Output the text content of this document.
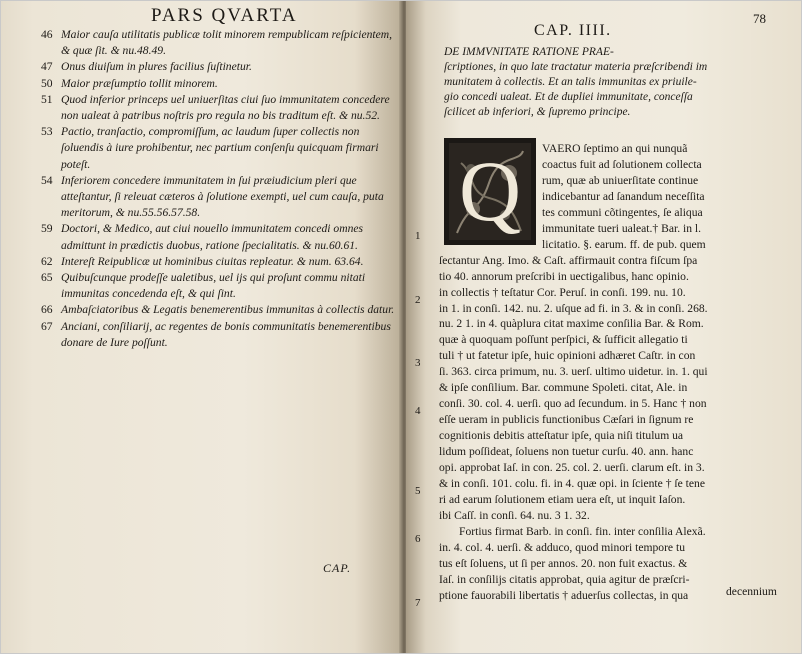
PARS QVARTA
46 Maior cauſa utilitatis publicæ tolit minorem rempublicam reſpicientem, & quæ ſit. & nu.48.49.
47 Onus diuiſum in plures facilius ſuſtinetur.
50 Maior præſumptio tollit minorem.
51 Quod inferior princeps uel uniuerſitas ciui ſuo immunitatem concedere non ualeat à patribus noſtris pro regula no bis traditum eſt. & nu.52.
53 Pactio, tranſactio, compromiſſum, ac laudum ſuper collectis non ſoluendis à iure prohibentur, nec partium conſenſu quicquam firmari poteſt.
54 Inferiorem concedere immunitatem in ſui præiudicium pleri que atteſtantur, ſi releuat cæteros à ſolutione exempti, uel cum cauſa, puta meritorum, & nu.55.56.57.58.
59 Doctori, & Medico, aut ciui nouello immunitatem concedi omnes admittunt in prædictis duobus, ratione ſpecialitatis. & nu.60.61.
62 Intereſt Reipublicæ ut hominibus ciuitas repleatur. & num. 63.64.
65 Quibuſcunque prodeſſe ualetibus, uel ijs qui proſunt commu nitati immunitas concedenda eſt, & qui ſint.
66 Ambaſciatoribus & Legatis benemerentibus immunitas à collectis datur.
67 Anciani, conſiliarij, ac regentes de bonis communitatis benemerentibus donare de Iure poſſunt.
CAP.
78
CAP. IIII.
DE IMMVNITATE RATIONE PRAE-
ſcriptiones, in quo late tractatur materia præſcribendi im
munitatem à collectis. Et an talis immunitas ex priuile-
gio concedi ualeat. Et de dupliei immunitate, conceſſa
ſcilicet ab inferiori, & ſupremo principe.
Q
1
2
3
4
5
6
7
VAERO ſeptimo an qui nunquã
coactus fuit ad ſolutionem collecta
rum, quæ ab uniuerſitate continue
indicebantur ad ſanandum neceſſita
tes communi cõtingentes, ſe aliqua
immunitate tueri ualeat.† Bar. in l.
licitatio. §. earum. ff. de pub. quem
ſectantur Ang. Imo. & Caſt. affirmauit contra fiſcum ſpa
tio 40. annorum preſcribi in uectigalibus, hanc opinio.
in collectis † teſtatur Cor. Peruſ. in conſi. 199. nu. 10.
in 1. in conſi. 142. nu. 2. uſque ad fi. in 3. & in conſi. 268.
nu. 2 1. in 4. quàplura citat maxime conſilia Bar. & Rom.
quæ à quoquam poſſunt perſpici, & ſufficit allegatio ti
tuli † ut fatetur ipſe, huic opinioni adhæret Caſtr. in con
ſi. 363. circa primum, nu. 3. uerſ. ultimo uidetur. in. 1. qui
& ipſe conſilium. Bar. commune Spoleti. citat, Ale. in
conſi. 30. col. 4. uerſi. quo ad ſecundum. in 5. Hanc † non
eſſe ueram in publicis functionibus Cæſari in ſignum re
cognitionis debitis atteſtatur ipſe, quia niſi titulum ua
lidum poſſideat, ſoluens non tuetur curſu. 40. ann. hanc
opi. approbat Iaſ. in con. 25. col. 2. uerſi. clarum eſt. in 3.
& in conſi. 101. colu. fi. in 4. quæ opi. in ſciente † ſe tene
ri ad earum ſolutionem etiam uera eſt, ut inquit Iaſon.
ibi Caſſ. in conſi. 64. nu. 3 1. 32.
Fortius firmat Barb. in conſi. fin. inter conſilia Alexã.
in. 4. col. 4. uerſi. & adduco, quod minori tempore tu
tus eſt ſoluens, ut ſi per annos. 20. non fuit exactus. &
Iaſ. in conſilijs citatis approbat, quia agitur de præſcri-
ptione fauorabili libertatis † aduerſus collectas, in qua	decennium
